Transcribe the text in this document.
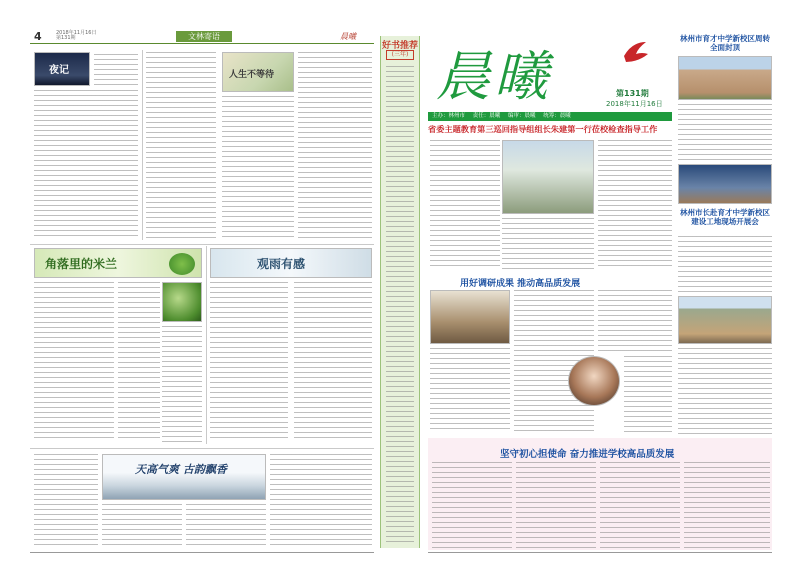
4	2018年11月16日
第131期	文林寄语	晨曦
夜记	人生不等待
角落里的米兰	观雨有感
天高气爽 古韵飘香
好书推荐
(三年) 晨曦	第131期
2018年11月16日
主办：林州市 责任：晨曦 编审：晨曦 统筹：晨曦
省委主题教育第三巡回指导组组长朱建第一行莅校检查指导工作
用好调研成果 推动高品质发展
林州市育才中学新校区周转全面封顶
林州市长赴育才中学新校区建设工地现场开展会
坚守初心担使命 奋力推进学校高品质发展
